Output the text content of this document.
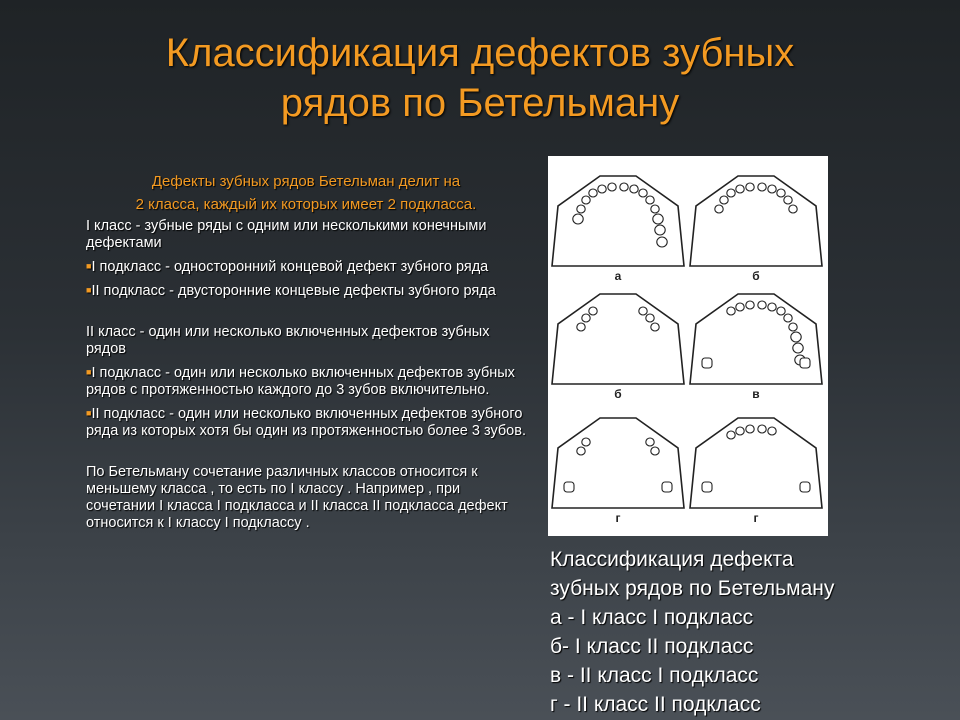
Классификация дефектов зубных
рядов по Бетельману
Дефекты зубных рядов Бетельман делит на
2 класса, каждый их которых имеет 2 подкласса.
I класс - зубные ряды с одним или несколькими конечными дефектами
■I подкласс - односторонний концевой дефект зубного ряда
■II подкласс - двусторонние концевые дефекты зубного ряда
II класс - один или несколько включенных дефектов зубных рядов
■I подкласс - один или несколько включенных дефектов зубных рядов с протяженностью каждого до 3 зубов включительно.
■II подкласс - один или несколько включенных дефектов зубного ряда из которых хотя бы один из протяженностью более 3 зубов.
По Бетельману сочетание различных классов относится к меньшему класса , то есть по I классу . Например , при сочетании I класса I подкласса и II класса II подкласса дефект относится к I классу I подклассу .
а	б
б	в
г	г
Классификация дефекта
зубных рядов по Бетельману
а - I класс I подкласс
б- I класс II подкласс
в - II класс I подкласс
г - II класс II подкласс
